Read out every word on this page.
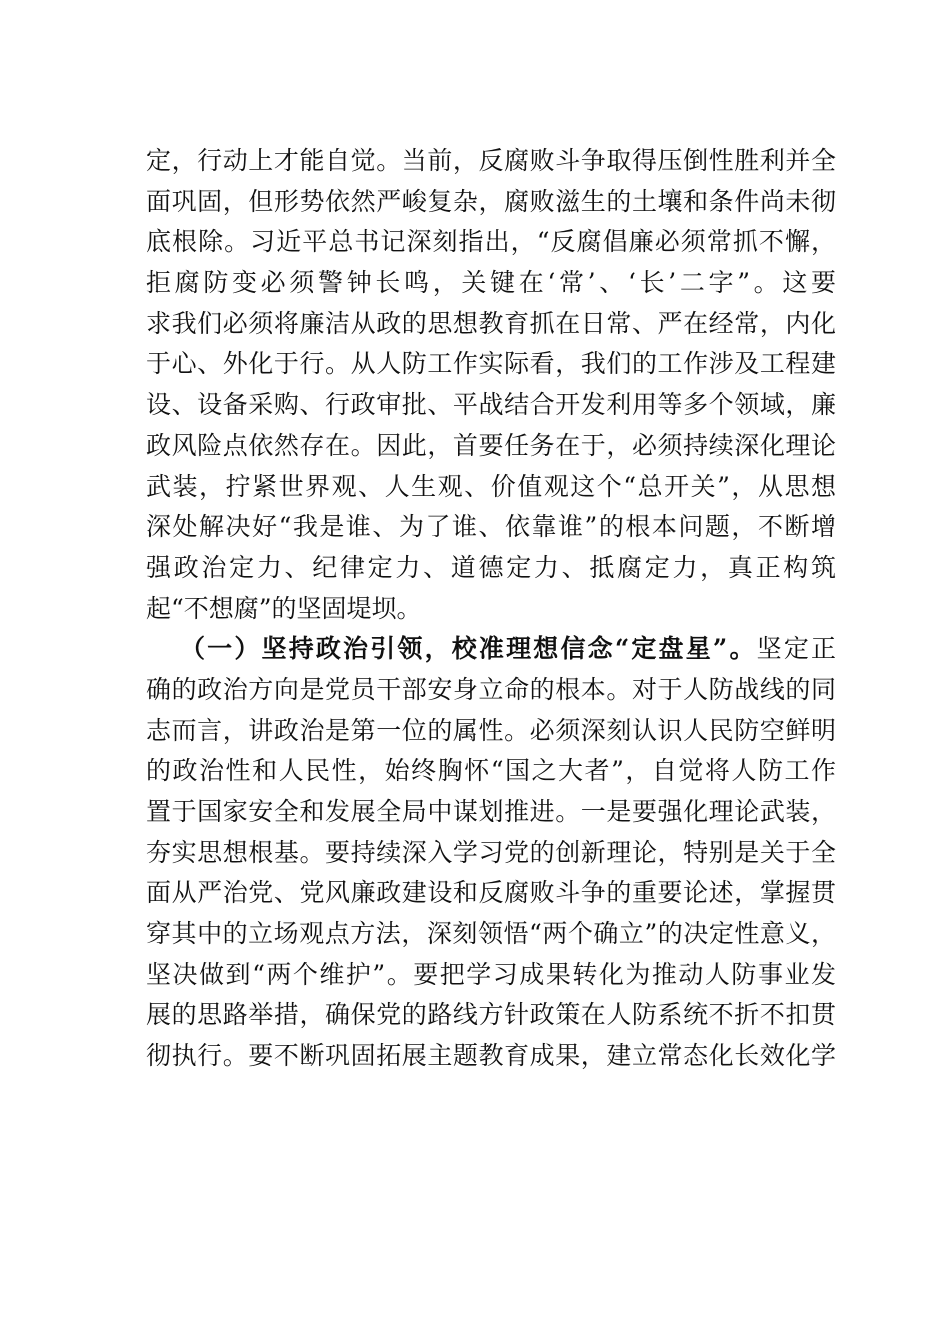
定，行动上才能自觉。当前，反腐败斗争取得压倒性胜利并全
面巩固，但形势依然严峻复杂，腐败滋生的土壤和条件尚未彻
底根除。习近平总书记深刻指出，“反腐倡廉必须常抓不懈，
拒腐防变必须警钟长鸣，关键在‘常’、‘长’二字”。这要
求我们必须将廉洁从政的思想教育抓在日常、严在经常，内化
于心、外化于行。从人防工作实际看，我们的工作涉及工程建
设、设备采购、行政审批、平战结合开发利用等多个领域，廉
政风险点依然存在。因此，首要任务在于，必须持续深化理论
武装，拧紧世界观、人生观、价值观这个“总开关”，从思想
深处解决好“我是谁、为了谁、依靠谁”的根本问题，不断增
强政治定力、纪律定力、道德定力、抵腐定力，真正构筑
起“不想腐”的坚固堤坝。
（一）坚持政治引领，校准理想信念“定盘星”。坚定正
确的政治方向是党员干部安身立命的根本。对于人防战线的同
志而言，讲政治是第一位的属性。必须深刻认识人民防空鲜明
的政治性和人民性，始终胸怀“国之大者”，自觉将人防工作
置于国家安全和发展全局中谋划推进。一是要强化理论武装，
夯实思想根基。要持续深入学习党的创新理论，特别是关于全
面从严治党、党风廉政建设和反腐败斗争的重要论述，掌握贯
穿其中的立场观点方法，深刻领悟“两个确立”的决定性意义，
坚决做到“两个维护”。要把学习成果转化为推动人防事业发
展的思路举措，确保党的路线方针政策在人防系统不折不扣贯
彻执行。要不断巩固拓展主题教育成果，建立常态化长效化学
